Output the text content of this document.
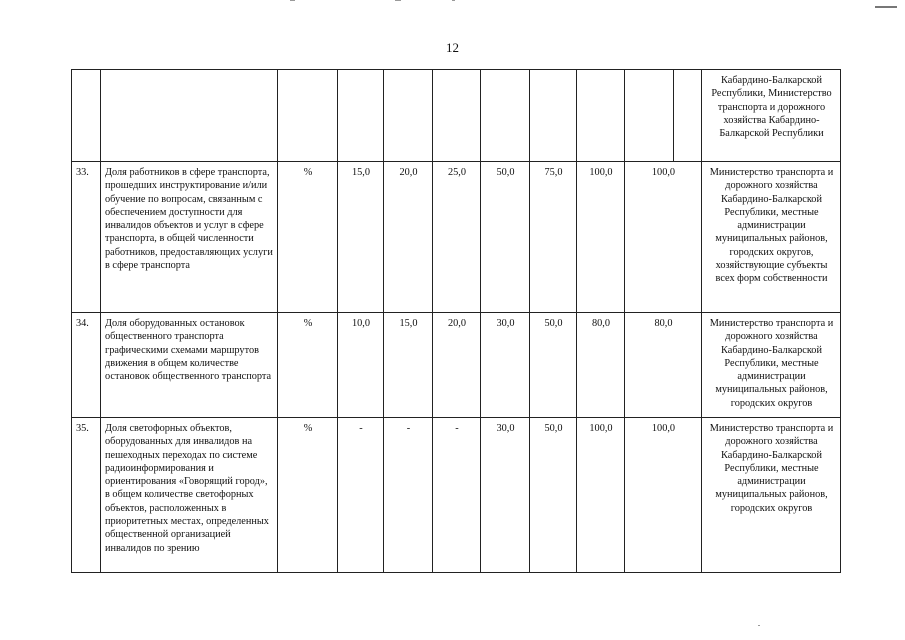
12
											Кабардино-Балкарской Республики, Министерство транспорта и дорожного хозяйства Кабардино-Балкарской Республики
33.	Доля работников в сфере транспорта, прошедших инструктирование и/или обучение по вопросам, связанным с обеспечением доступности для инвалидов объектов и услуг в сфере транспорта, в общей численности работников, предоставляющих услуги в сфере транспорта	%	15,0	20,0	25,0	50,0	75,0	100,0	100,0		Министерство транспорта и дорожного хозяйства Кабардино-Балкарской Республики, местные администрации муниципальных районов, городских округов, хозяйствующие субъекты всех форм собственности
34.	Доля оборудованных остановок общественного транспорта графическими схемами маршрутов движения в общем количестве остановок общественного транспорта	%	10,0	15,0	20,0	30,0	50,0	80,0	80,0		Министерство транспорта и дорожного хозяйства Кабардино-Балкарской Республики, местные администрации муниципальных районов, городских округов
35.	Доля светофорных объектов, оборудованных для инвалидов на пешеходных переходах по системе радиоинформирования и ориентирования «Говорящий город», в общем количестве светофорных объектов, расположенных в приоритетных местах, определенных общественной организацией инвалидов по зрению	%	-	-	-	30,0	50,0	100,0	100,0		Министерство транспорта и дорожного хозяйства Кабардино-Балкарской Республики, местные администрации муниципальных районов, городских округов
